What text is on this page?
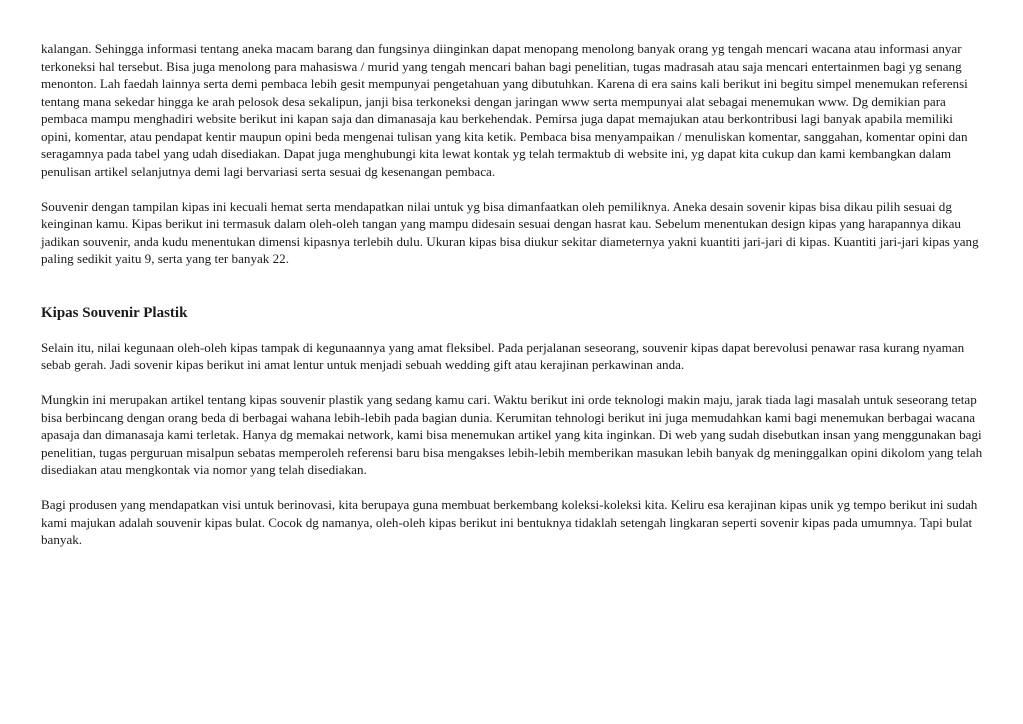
kalangan. Sehingga informasi tentang aneka macam barang dan fungsinya diinginkan dapat menopang menolong banyak orang yg tengah mencari wacana atau informasi anyar terkoneksi hal tersebut. Bisa juga menolong para mahasiswa / murid yang tengah mencari bahan bagi penelitian, tugas madrasah atau saja mencari entertainmen bagi yg senang menonton. Lah faedah lainnya serta demi pembaca lebih gesit mempunyai pengetahuan yang dibutuhkan. Karena di era sains kali berikut ini begitu simpel menemukan referensi tentang mana sekedar hingga ke arah pelosok desa sekalipun, janji bisa terkoneksi dengan jaringan www serta mempunyai alat sebagai menemukan www. Dg demikian para pembaca mampu menghadiri website berikut ini kapan saja dan dimanasaja kau berkehendak. Pemirsa juga dapat memajukan atau berkontribusi lagi banyak apabila memiliki opini, komentar, atau pendapat kentir maupun opini beda mengenai tulisan yang kita ketik. Pembaca bisa menyampaikan / menuliskan komentar, sanggahan, komentar opini dan seragamnya pada tabel yang udah disediakan. Dapat juga menghubungi kita lewat kontak yg telah termaktub di website ini, yg dapat kita cukup dan kami kembangkan dalam penulisan artikel selanjutnya demi lagi bervariasi serta sesuai dg kesenangan pembaca.

Souvenir dengan tampilan kipas ini kecuali hemat serta mendapatkan nilai untuk yg bisa dimanfaatkan oleh pemiliknya. Aneka desain sovenir kipas bisa dikau pilih sesuai dg keinginan kamu. Kipas berikut ini termasuk dalam oleh-oleh tangan yang mampu didesain sesuai dengan hasrat kau. Sebelum menentukan design kipas yang harapannya dikau jadikan souvenir, anda kudu menentukan dimensi kipasnya terlebih dulu. Ukuran kipas bisa diukur sekitar diameternya yakni kuantiti jari-jari di kipas. Kuantiti jari-jari kipas yang paling sedikit yaitu 9, serta yang ter banyak 22.

Kipas Souvenir Plastik

Selain itu, nilai kegunaan oleh-oleh kipas tampak di kegunaannya yang amat fleksibel. Pada perjalanan seseorang, souvenir kipas dapat berevolusi penawar rasa kurang nyaman sebab gerah. Jadi sovenir kipas berikut ini amat lentur untuk menjadi sebuah wedding gift atau kerajinan perkawinan anda.

Mungkin ini merupakan artikel tentang kipas souvenir plastik yang sedang kamu cari. Waktu berikut ini orde teknologi makin maju, jarak tiada lagi masalah untuk seseorang tetap bisa berbincang dengan orang beda di berbagai wahana lebih-lebih pada bagian dunia. Kerumitan tehnologi berikut ini juga memudahkan kami bagi menemukan berbagai wacana apasaja dan dimanasaja kami terletak. Hanya dg memakai network, kami bisa menemukan artikel yang kita inginkan. Di web yang sudah disebutkan insan yang menggunakan bagi penelitian, tugas perguruan misalpun sebatas memperoleh referensi baru bisa mengakses lebih-lebih memberikan masukan lebih banyak dg meninggalkan opini dikolom yang telah disediakan atau mengkontak via nomor yang telah disediakan.

Bagi produsen yang mendapatkan visi untuk berinovasi, kita berupaya guna membuat berkembang koleksi-koleksi kita. Keliru esa kerajinan kipas unik yg tempo berikut ini sudah kami majukan adalah souvenir kipas bulat. Cocok dg namanya, oleh-oleh kipas berikut ini bentuknya tidaklah setengah lingkaran seperti sovenir kipas pada umumnya. Tapi bulat banyak.
